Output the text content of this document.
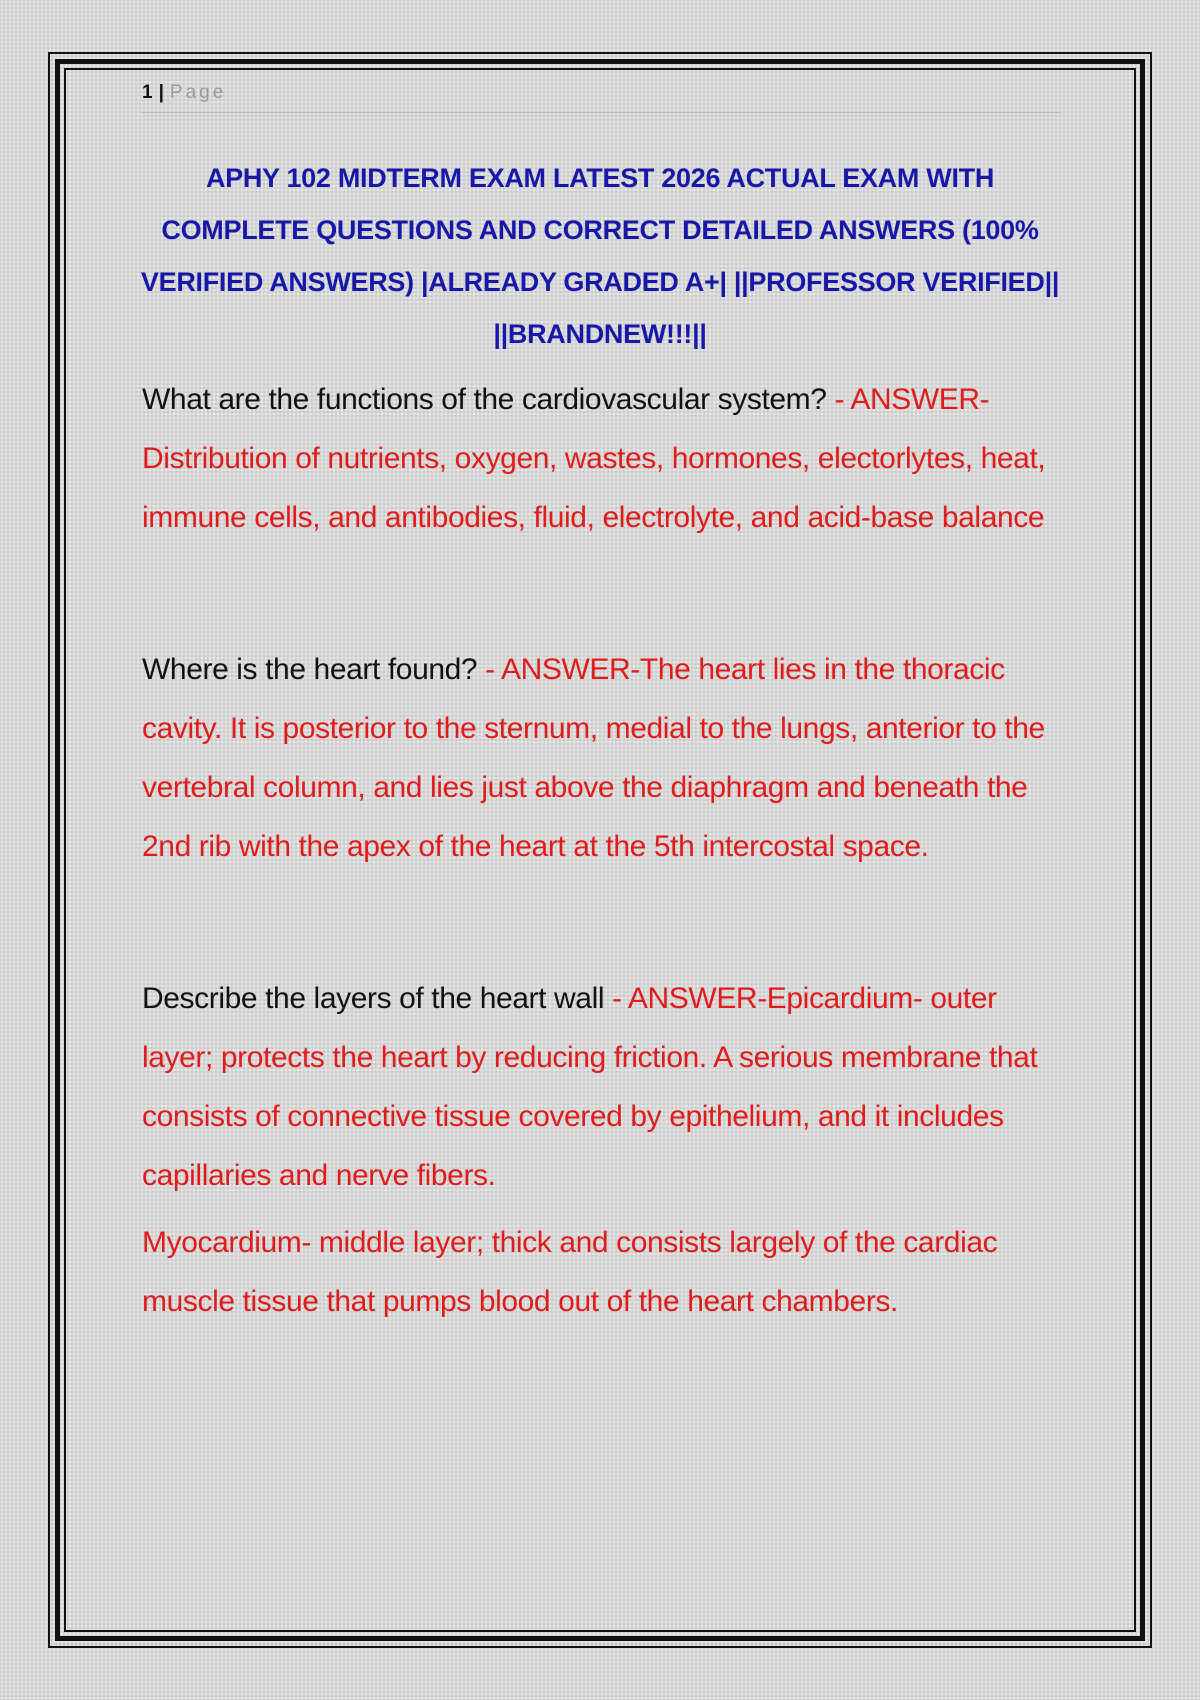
1 | Page
APHY 102 MIDTERM EXAM LATEST 2026 ACTUAL EXAM WITH COMPLETE QUESTIONS AND CORRECT DETAILED ANSWERS (100% VERIFIED ANSWERS) |ALREADY GRADED A+| ||PROFESSOR VERIFIED|| ||BRANDNEW!!!||

What are the functions of the cardiovascular system? - ANSWER-Distribution of nutrients, oxygen, wastes, hormones, electorlytes, heat, immune cells, and antibodies, fluid, electrolyte, and acid-base balance

Where is the heart found? - ANSWER-The heart lies in the thoracic cavity. It is posterior to the sternum, medial to the lungs, anterior to the vertebral column, and lies just above the diaphragm and beneath the 2nd rib with the apex of the heart at the 5th intercostal space.

Describe the layers of the heart wall - ANSWER-Epicardium- outer layer; protects the heart by reducing friction. A serious membrane that consists of connective tissue covered by epithelium, and it includes capillaries and nerve fibers.

Myocardium- middle layer; thick and consists largely of the cardiac muscle tissue that pumps blood out of the heart chambers.
